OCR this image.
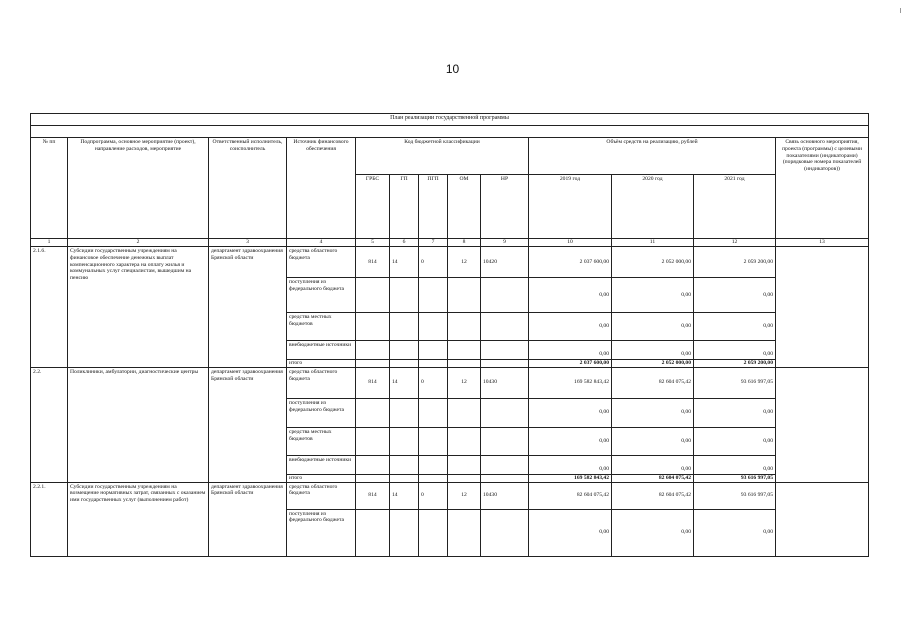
10
План реализации государственной программы												

№ пп	Подпрограмма, основное мероприятие (проект), направление расходов, мероприятие	Ответственный исполнитель, соисполнитель	Источник финансового обеспечения	Код бюджетной классификации					Объём средств на реализацию, рублей			Связь основного мероприятия, проекта (программы) с целевыми показателями (индикаторами) (порядковые номера показателей (индикаторов))
				ГРБС	ГП	ПГП	ОМ	НР	2019 год	2020 год	2021 год	
1	2	3	4	5	6	7	8	9	10	11	12	13
2.1.6.	Субсидии государственным учреждениям на финансовое обеспечение денежных выплат компенсационного характера на оплату жилья и коммунальных услуг специалистам, вышедшим на пенсию	департамент здравоохранения Брянской области	средства областного бюджета	814	14	0	12	10420	2 037 600,00	2 052 000,00	2 059 200,00	
			поступления из федерального бюджета						0,00	0,00	0,00	
			средства местных бюджетов						0,00	0,00	0,00	
			внебюджетные источники						0,00	0,00	0,00	
			итого						2 037 600,00	2 052 000,00	2 059 200,00	
2.2.	Поликлиники, амбулатории, диагностические центры	департамент здравоохранения Брянской области	средства областного бюджета	814	14	0	12	10430	169 582 843,42	82 604 075,42	93 616 997,05	
			поступления из федерального бюджета						0,00	0,00	0,00	
			средства местных бюджетов						0,00	0,00	0,00	
			внебюджетные источники						0,00	0,00	0,00	
			итого						169 582 843,42	82 604 075,42	93 616 997,05	
2.2.1.	Субсидии государственным учреждениям на возмещение нормативных затрат, связанных с оказанием ими государственных услуг (выполнением работ)	департамент здравоохранения Брянской области	средства областного бюджета	814	14	0	12	10430	82 604 075,42	82 604 075,42	93 616 997,05	
			поступления из федерального бюджета						0,00	0,00	0,00	
